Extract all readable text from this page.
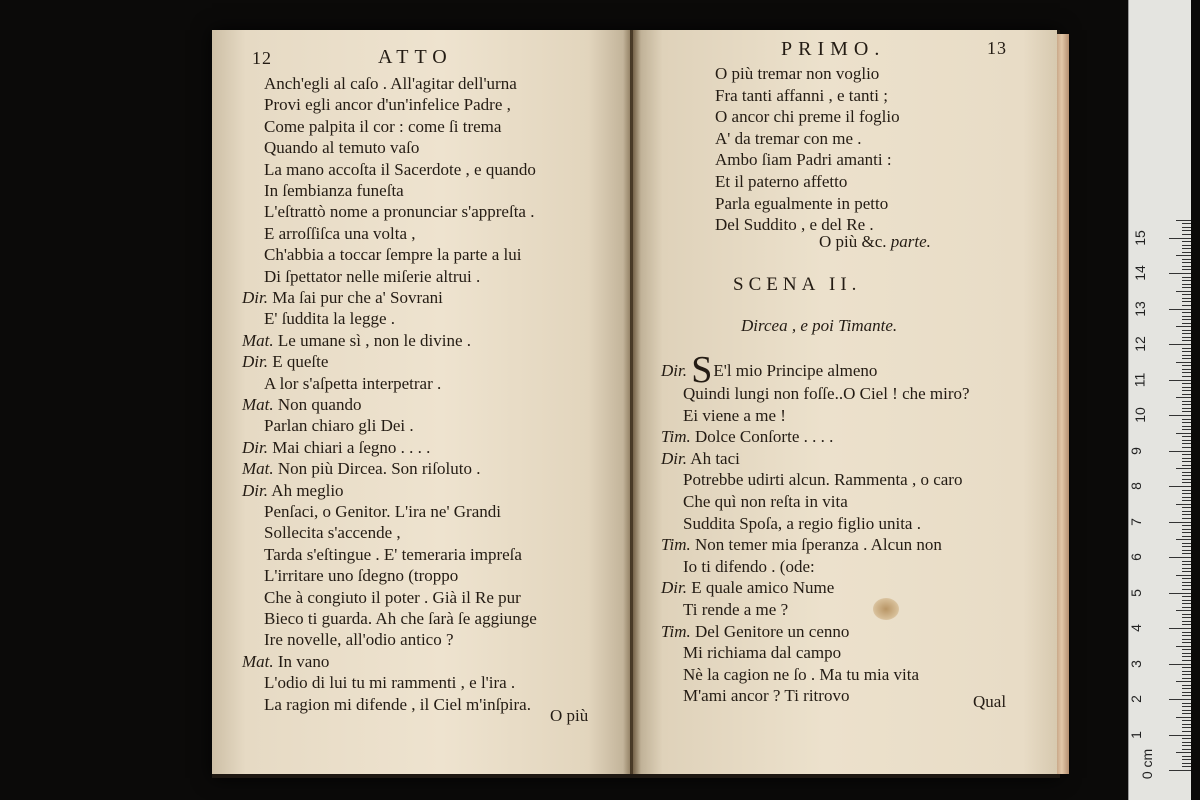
12	ATTO
Anch'egli al caſo . All'agitar dell'urna
Provi egli ancor d'un'infelice Padre ,
Come palpita il cor : come ſi trema
Quando al temuto vaſo
La mano accoſta il Sacerdote , e quando
In ſembianza funeſta
L'eſtrattò nome a pronunciar s'appreſta .
E arroſſiſca una volta ,
Ch'abbia a toccar ſempre la parte a lui
Di ſpettator nelle miſerie altrui .
Dir. Ma ſai pur che a' Sovrani
E' ſuddita la legge .
Mat. Le umane sì , non le divine .
Dir. E queſte
A lor s'aſpetta interpetrar .
Mat. Non quando
Parlan chiaro gli Dei .
Dir. Mai chiari a ſegno . . . .
Mat. Non più Dircea. Son riſoluto .
Dir. Ah meglio
Penſaci, o Genitor. L'ira ne' Grandi
Sollecita s'accende ,
Tarda s'eſtingue . E' temeraria impreſa
L'irritare uno ſdegno (troppo
Che à congiuto il poter . Già il Re pur
Bieco ti guarda. Ah che ſarà ſe aggiunge
Ire novelle, all'odio antico ?
Mat. In vano
L'odio di lui tu mi rammenti , e l'ira .
La ragion mi difende , il Ciel m'inſpira.
O più
PRIMO.	13
O più tremar non voglio
Fra tanti affanni , e tanti ;
O ancor chi preme il foglio
A' da tremar con me .
Ambo ſiam Padri amanti :
Et il paterno affetto
Parla egualmente in petto
Del Suddito , e del Re .
O più &c. parte.
SCENA II.
Dircea , e poi Timante.
Dir. SE'l mio Principe almeno
Quindi lungi non foſſe..O Ciel ! che miro?
Ei viene a me !
Tim. Dolce Conſorte . . . .
Dir. Ah taci
Potrebbe udirti alcun. Rammenta , o caro
Che quì non reſta in vita
Suddita Spoſa, a regio figlio unita .
Tim. Non temer mia ſperanza . Alcun non
Io ti difendo . (ode:
Dir. E quale amico Nume
Ti rende a me ?
Tim. Del Genitore un cenno
Mi richiama dal campo
Nè la cagion ne ſo . Ma tu mia vita
M'ami ancor ? Ti ritrovo	Qual
0 cm
1
2
3
4
5
6
7
8
9
10
11
12
13
14
15
